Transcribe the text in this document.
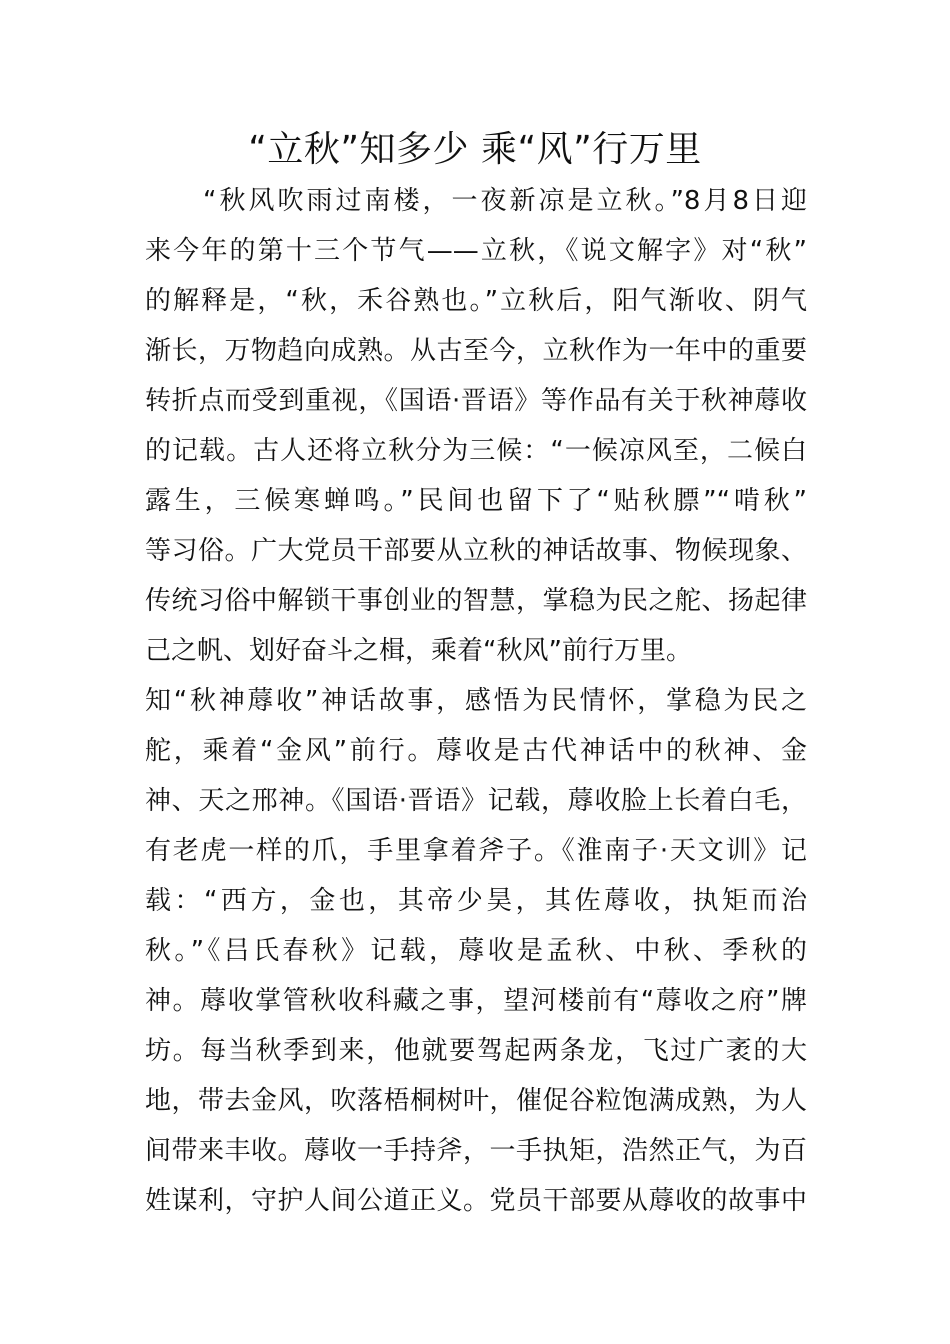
“立秋”知多少 乘“风”行万里
　　“秋风吹雨过南楼，一夜新凉是立秋。”8月8日迎
来今年的第十三个节气——立秋，《说文解字》对“秋”
的解释是，“秋，禾谷熟也。”立秋后，阳气渐收、阴气
渐长，万物趋向成熟。从古至今，立秋作为一年中的重要
转折点而受到重视，《国语·晋语》等作品有关于秋神蓐收
的记载。古人还将立秋分为三候：“一候凉风至，二候白
露生，三候寒蝉鸣。”民间也留下了“贴秋膘”“啃秋”
等习俗。广大党员干部要从立秋的神话故事、物候现象、
传统习俗中解锁干事创业的智慧，掌稳为民之舵、扬起律
己之帆、划好奋斗之楫，乘着“秋风”前行万里。
知“秋神蓐收”神话故事，感悟为民情怀，掌稳为民之
舵，乘着“金风”前行。蓐收是古代神话中的秋神、金
神、天之邢神。《国语·晋语》记载，蓐收脸上长着白毛，
有老虎一样的爪，手里拿着斧子。《淮南子·天文训》记
载：“西方，金也，其帝少昊，其佐蓐收，执矩而治
秋。”《吕氏春秋》记载，蓐收是孟秋、中秋、季秋的
神。蓐收掌管秋收科藏之事，望河楼前有“蓐收之府”牌
坊。每当秋季到来，他就要驾起两条龙，飞过广袤的大
地，带去金风，吹落梧桐树叶，催促谷粒饱满成熟，为人
间带来丰收。蓐收一手持斧，一手执矩，浩然正气，为百
姓谋利，守护人间公道正义。党员干部要从蓐收的故事中
